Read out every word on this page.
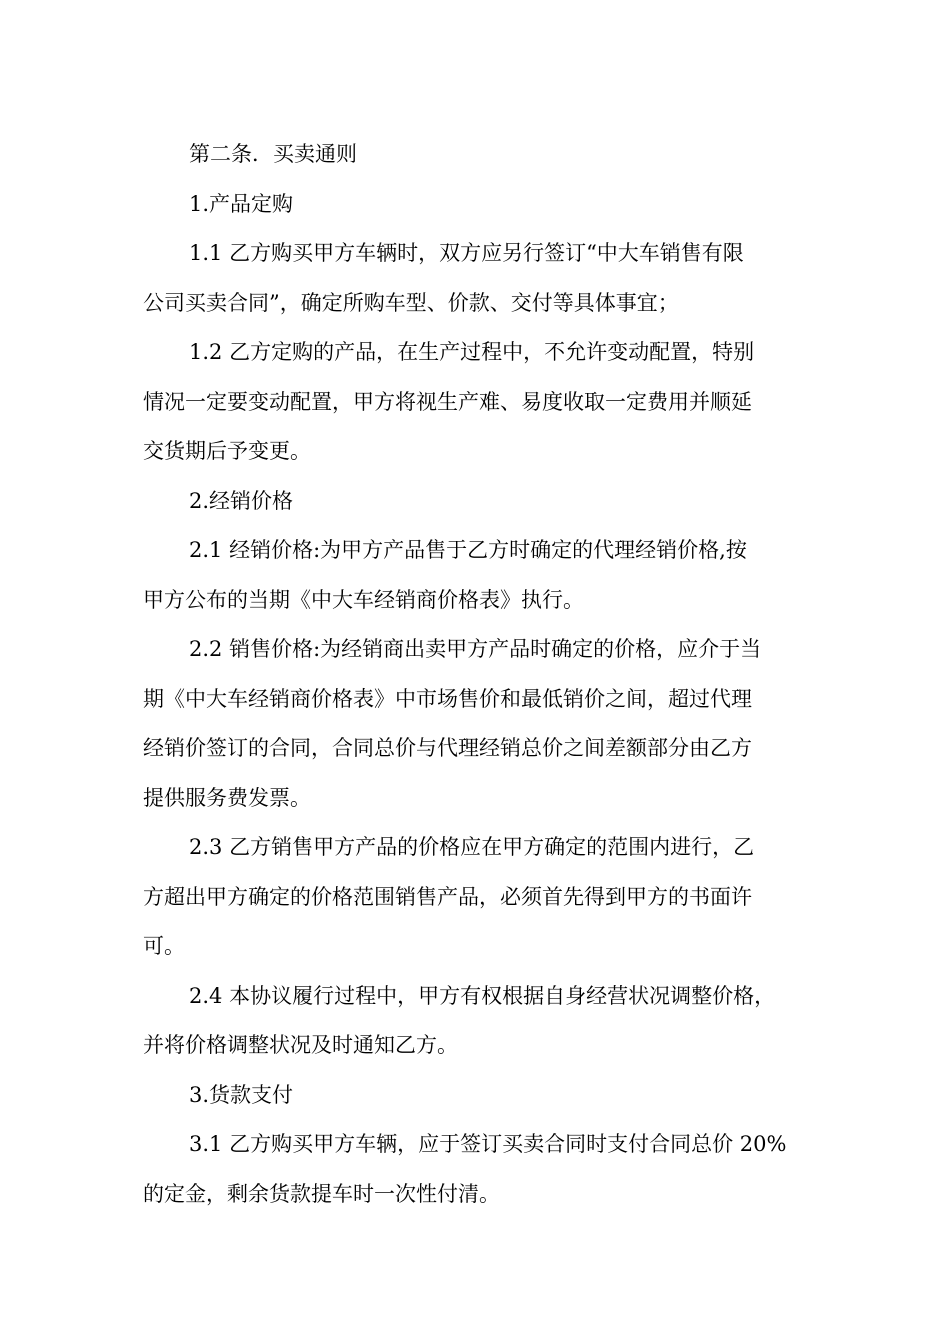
第二条．买卖通则

1.产品定购

1.1 乙方购买甲方车辆时，双方应另行签订“中大车销售有限
公司买卖合同”，确定所购车型、价款、交付等具体事宜；

1.2 乙方定购的产品，在生产过程中，不允许变动配置，特别
情况一定要变动配置，甲方将视生产难、易度收取一定费用并顺延
交货期后予变更。

2.经销价格

2.1 经销价格:为甲方产品售于乙方时确定的代理经销价格,按
甲方公布的当期《中大车经销商价格表》执行。

2.2 销售价格:为经销商出卖甲方产品时确定的价格，应介于当
期《中大车经销商价格表》中市场售价和最低销价之间，超过代理
经销价签订的合同，合同总价与代理经销总价之间差额部分由乙方
提供服务费发票。

2.3 乙方销售甲方产品的价格应在甲方确定的范围内进行，乙
方超出甲方确定的价格范围销售产品，必须首先得到甲方的书面许
可。

2.4 本协议履行过程中，甲方有权根据自身经营状况调整价格，
并将价格调整状况及时通知乙方。

3.货款支付

3.1 乙方购买甲方车辆，应于签订买卖合同时支付合同总价 20%
的定金，剩余货款提车时一次性付清。
